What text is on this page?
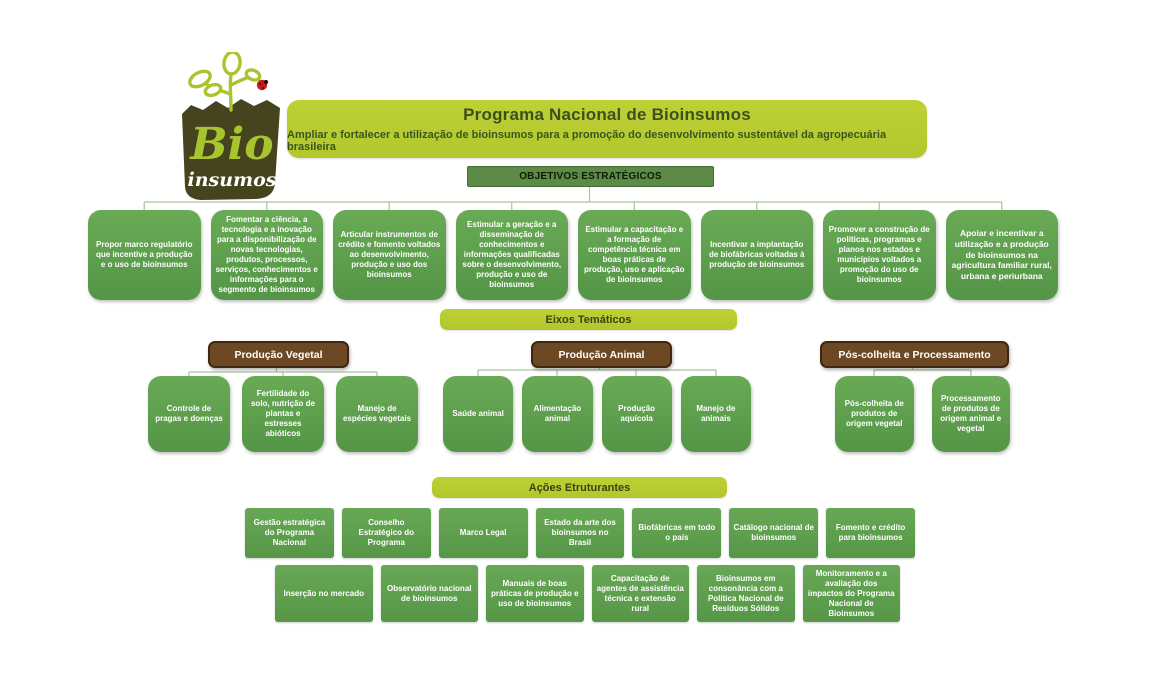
Bio
insumos
Programa Nacional de Bioinsumos
Ampliar e fortalecer a utilização de bioinsumos para a promoção do desenvolvimento sustentável da agropecuária brasileira
OBJETIVOS ESTRATÉGICOS
Propor marco regulatório que incentive a produção e o uso de bioinsumos
Fomentar a ciência, a tecnologia e a inovação para a disponibilização de novas tecnologias, produtos, processos, serviços, conhecimentos e informações para o segmento de bioinsumos
Articular instrumentos de crédito e fomento voltados ao desenvolvimento, produção e uso dos bioinsumos
Estimular a geração e a disseminação de conhecimentos e informações qualificadas sobre o desenvolvimento, produção e uso de bioinsumos
Estimular a capacitação e a formação de competência técnica em boas práticas de produção, uso e aplicação de bioinsumos
Incentivar a implantação de biofábricas voltadas à produção de bioinsumos
Promover a construção de políticas, programas e planos nos estados e municípios voltados a promoção do uso de bioinsumos
Apoiar e incentivar a utilização e a produção de bioinsumos na agricultura familiar rural, urbana e periurbana
Eixos Temáticos
Produção Vegetal	Produção Animal	Pós-colheita e Processamento
Controle de pragas e doenças
Fertilidade do solo, nutrição de plantas e estresses abióticos
Manejo de espécies vegetais
Saúde animal
Alimentação animal
Produção aquícola
Manejo de animais
Pós-colheita de produtos de origem vegetal
Processamento de produtos de origem animal e vegetal
Ações Etruturantes
Gestão estratégica do Programa Nacional
Conselho Estratégico do Programa
Marco Legal
Estado da arte dos bioinsumos no Brasil
Biofábricas em todo o país
Catálogo nacional de bioinsumos
Fomento e crédito para bioinsumos
Inserção no mercado
Observatório nacional de bioinsumos
Manuais de boas práticas de produção e uso de bioinsumos
Capacitação de agentes de assistência técnica e extensão rural
Bioinsumos em consonância com a Política Nacional de Resíduos Sólidos
Monitoramento e a avaliação dos impactos do Programa Nacional de Bioinsumos
